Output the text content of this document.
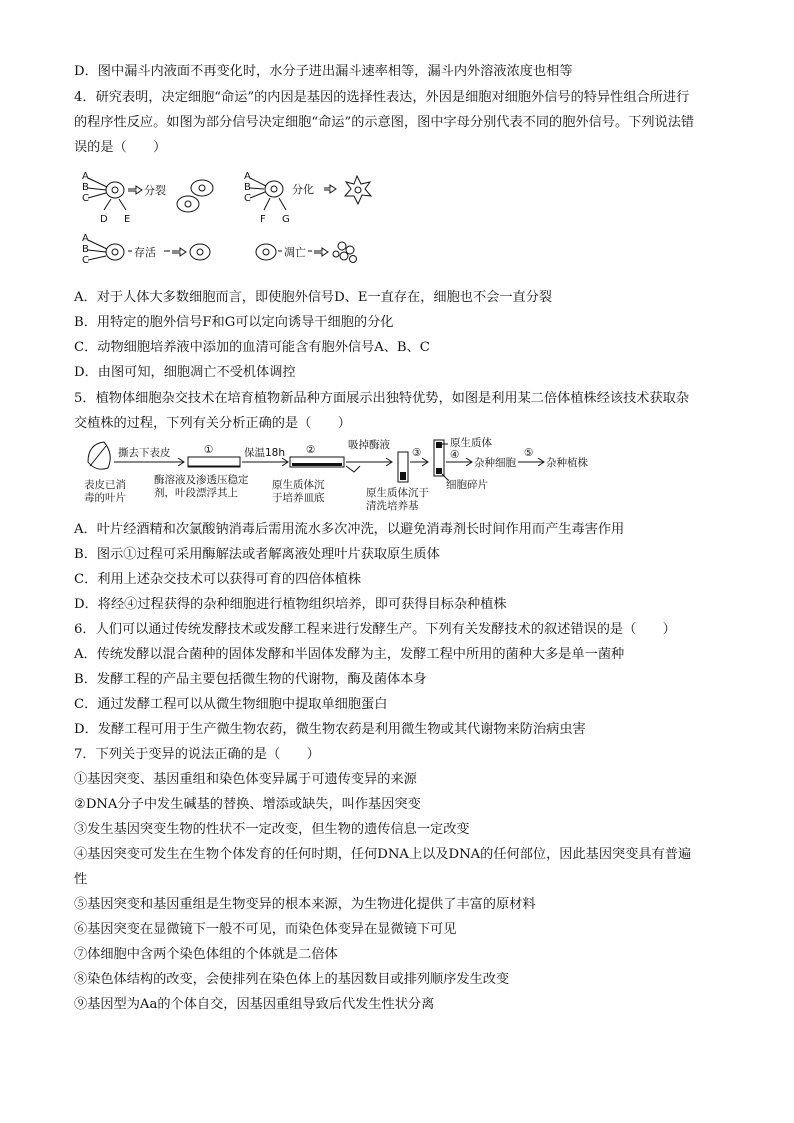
D．图中漏斗内液面不再变化时，水分子进出漏斗速率相等，漏斗内外溶液浓度也相等
4．研究表明，决定细胞“命运”的内因是基因的选择性表达，外因是细胞对细胞外信号的特异性组合所进行
的程序性反应。如图为部分信号决定细胞“命运”的示意图，图中字母分别代表不同的胞外信号。下列说法错
误的是（　　）
A
B
C
D E
分裂
A
B
C
F G
分化
A
B
C
存活	凋亡
A．对于人体大多数细胞而言，即使胞外信号D、E一直存在，细胞也不会一直分裂
B．用特定的胞外信号F和G可以定向诱导干细胞的分化
C．动物细胞培养液中添加的血清可能含有胞外信号A、B、C
D．由图可知，细胞凋亡不受机体调控
5．植物体细胞杂交技术在培育植物新品种方面展示出独特优势，如图是利用某二倍体植株经该技术获取杂
交植株的过程，下列有关分析正确的是（　　）
撕去下表皮	①	保温18h ②	吸掉酶液
③
原生质体
④
杂种细胞
⑤
杂种植株
表皮已消
毒的叶片
酶溶液及渗透压稳定
剂，叶段漂浮其上
原生质体沉
于培养皿底	原生质体沉于
清洗培养基
细胞碎片
A．叶片经酒精和次氯酸钠消毒后需用流水多次冲洗，以避免消毒剂长时间作用而产生毒害作用
B．图示①过程可采用酶解法或者解离液处理叶片获取原生质体
C．利用上述杂交技术可以获得可育的四倍体植株
D．将经④过程获得的杂种细胞进行植物组织培养，即可获得目标杂种植株
6．人们可以通过传统发酵技术或发酵工程来进行发酵生产。下列有关发酵技术的叙述错误的是（　　）
A．传统发酵以混合菌种的固体发酵和半固体发酵为主，发酵工程中所用的菌种大多是单一菌种
B．发酵工程的产品主要包括微生物的代谢物，酶及菌体本身
C．通过发酵工程可以从微生物细胞中提取单细胞蛋白
D．发酵工程可用于生产微生物农药，微生物农药是利用微生物或其代谢物来防治病虫害
7．下列关于变异的说法正确的是（　　）
①基因突变、基因重组和染色体变异属于可遗传变异的来源
②DNA分子中发生碱基的替换、增添或缺失，叫作基因突变
③发生基因突变生物的性状不一定改变，但生物的遗传信息一定改变
④基因突变可发生在生物个体发育的任何时期，任何DNA上以及DNA的任何部位，因此基因突变具有普遍
性
⑤基因突变和基因重组是生物变异的根本来源，为生物进化提供了丰富的原材料
⑥基因突变在显微镜下一般不可见，而染色体变异在显微镜下可见
⑦体细胞中含两个染色体组的个体就是二倍体
⑧染色体结构的改变，会使排列在染色体上的基因数目或排列顺序发生改变
⑨基因型为Aa的个体自交，因基因重组导致后代发生性状分离
